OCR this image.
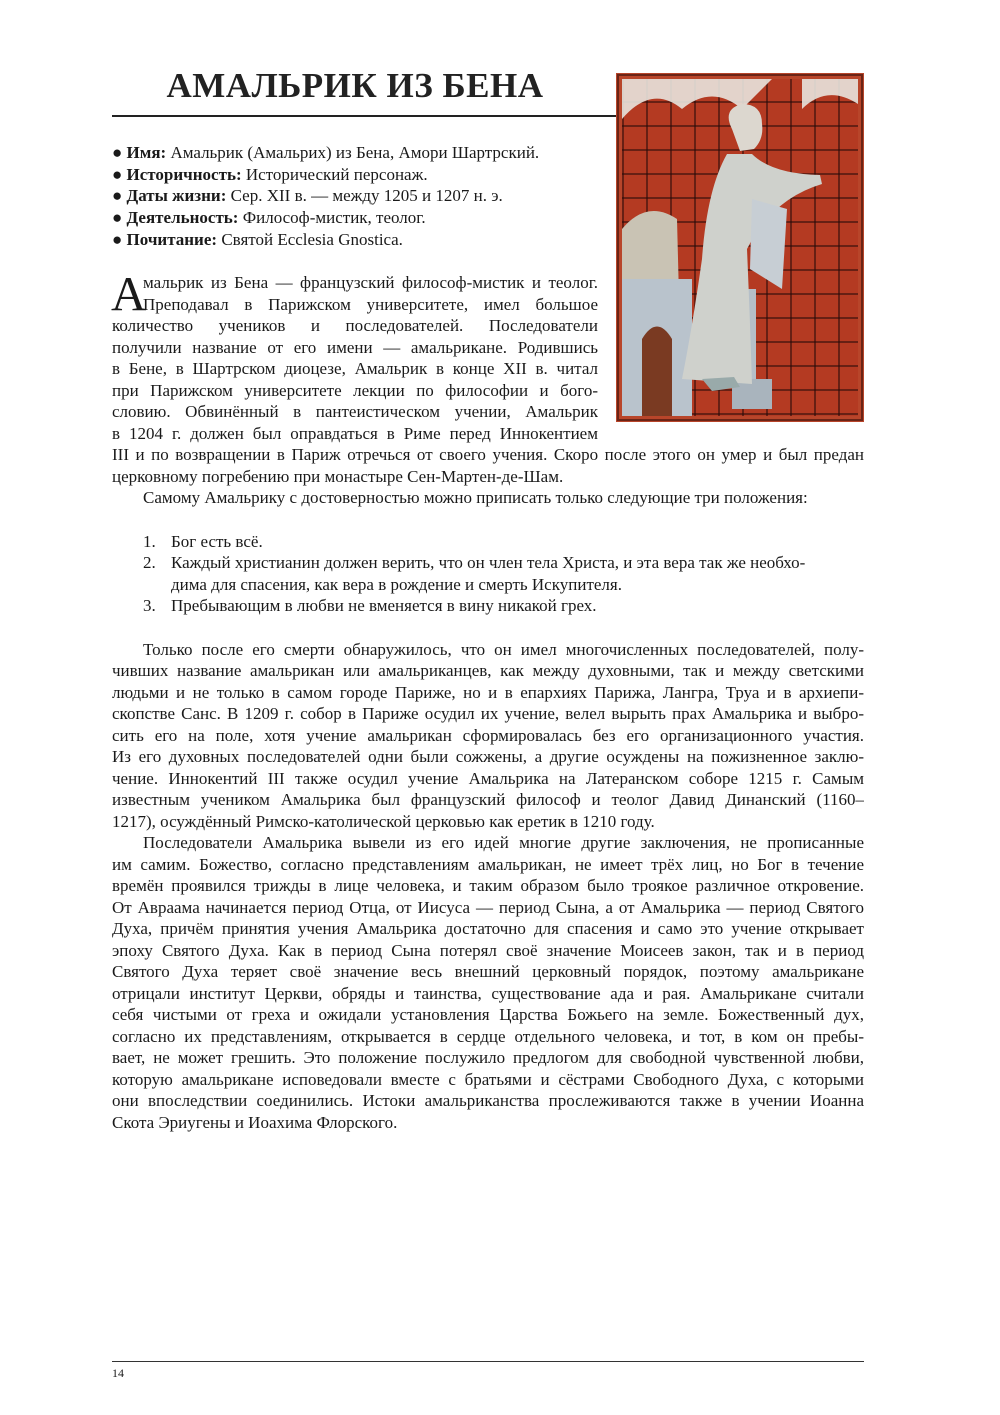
АМАЛЬРИК ИЗ БЕНА
● Имя: Амальрик (Амальрих) из Бена, Амори Шартрский.
● Историчность: Исторический персонаж.
● Даты жизни: Сер. XII в. — между 1205 и 1207 н. э.
● Деятельность: Философ-мистик, теолог.
● Почитание: Святой Ecclesia Gnostica.
А
мальрик из Бена — французский философ-мистик и теолог.
Преподавал в Парижском университете, имел большое
количество учеников и последователей. Последователи
получили название от его имени — амальрикане. Родившись
в Бене, в Шартрском диоцезе, Амальрик в конце XII в. читал
при Парижском университете лекции по философии и бого-
словию. Обвинённый в пантеистическом учении, Амальрик
в 1204 г. должен был оправдаться в Риме перед Иннокентием
III и по возвращении в Париж отречься от своего учения. Скоро после этого он умер и был предан
церковному погребению при монастыре Сен-Мартен-де-Шам.
Самому Амальрику с достоверностью можно приписать только следующие три положения:
1. Бог есть всё.
2. Каждый христианин должен верить, что он член тела Христа, и эта вера так же необхо-
дима для спасения, как вера в рождение и смерть Искупителя.
3. Пребывающим в любви не вменяется в вину никакой грех.
Только после его смерти обнаружилось, что он имел многочисленных последователей, полу-
чивших название амальрикан или амальриканцев, как между духовными, так и между светскими
людьми и не только в самом городе Париже, но и в епархиях Парижа, Лангра, Труа и в архиепи-
скопстве Санс. В 1209 г. собор в Париже осудил их учение, велел вырыть прах Амальрика и выбро-
сить его на поле, хотя учение амальрикан сформировалась без его организационного участия.
Из его духовных последователей одни были сожжены, а другие осуждены на пожизненное заклю-
чение. Иннокентий III также осудил учение Амальрика на Латеранском соборе 1215 г. Самым
известным учеником Амальрика был французский философ и теолог Давид Динанский (1160–
1217), осуждённый Римско-католической церковью как еретик в 1210 году.
Последователи Амальрика вывели из его идей многие другие заключения, не прописанные
им самим. Божество, согласно представлениям амальрикан, не имеет трёх лиц, но Бог в течение
времён проявился трижды в лице человека, и таким образом было троякое различное откровение.
От Авраама начинается период Отца, от Иисуса — период Сына, а от Амальрика — период Святого
Духа, причём принятия учения Амальрика достаточно для спасения и само это учение открывает
эпоху Святого Духа. Как в период Сына потерял своё значение Моисеев закон, так и в период
Святого Духа теряет своё значение весь внешний церковный порядок, поэтому амальрикане
отрицали институт Церкви, обряды и таинства, существование ада и рая. Амальрикане считали
себя чистыми от греха и ожидали установления Царства Божьего на земле. Божественный дух,
согласно их представлениям, открывается в сердце отдельного человека, и тот, в ком он пребы-
вает, не может грешить. Это положение послужило предлогом для свободной чувственной любви,
которую амальрикане исповедовали вместе с братьями и сёстрами Свободного Духа, с которыми
они впоследствии соединились. Истоки амальриканства прослеживаются также в учении Иоанна
Скота Эриугены и Иоахима Флорского.
14
